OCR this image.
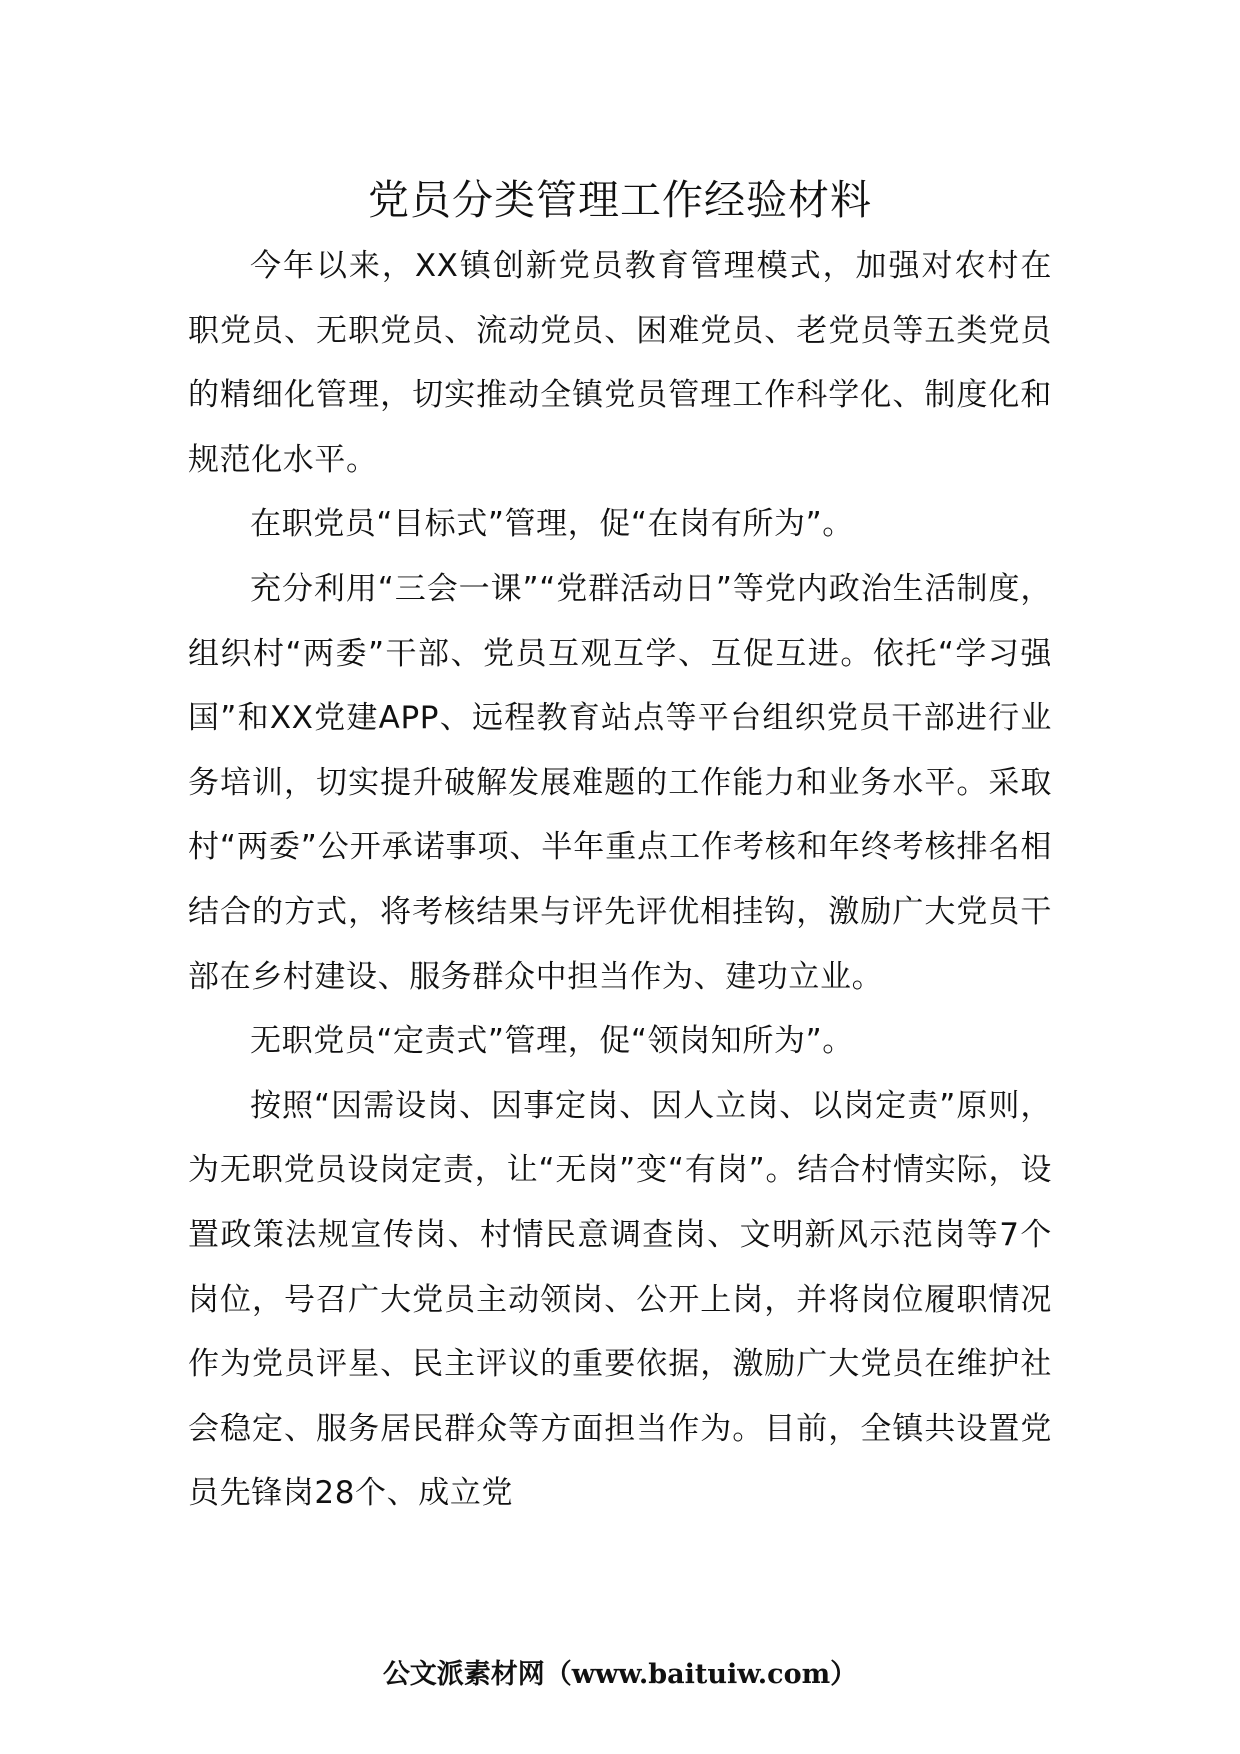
党员分类管理工作经验材料

今年以来，XX镇创新党员教育管理模式，加强对农村在职党员、无职党员、流动党员、困难党员、老党员等五类党员的精细化管理，切实推动全镇党员管理工作科学化、制度化和规范化水平。

在职党员“目标式”管理，促“在岗有所为”。

充分利用“三会一课”“党群活动日”等党内政治生活制度，组织村“两委”干部、党员互观互学、互促互进。依托“学习强国”和XX党建APP、远程教育站点等平台组织党员干部进行业务培训，切实提升破解发展难题的工作能力和业务水平。采取村“两委”公开承诺事项、半年重点工作考核和年终考核排名相结合的方式，将考核结果与评先评优相挂钩，激励广大党员干部在乡村建设、服务群众中担当作为、建功立业。

无职党员“定责式”管理，促“领岗知所为”。

按照“因需设岗、因事定岗、因人立岗、以岗定责”原则，为无职党员设岗定责，让“无岗”变“有岗”。结合村情实际，设置政策法规宣传岗、村情民意调查岗、文明新风示范岗等7个岗位，号召广大党员主动领岗、公开上岗，并将岗位履职情况作为党员评星、民主评议的重要依据，激励广大党员在维护社会稳定、服务居民群众等方面担当作为。目前，全镇共设置党员先锋岗28个、成立党

公文派素材网（www.baituiw.com）
